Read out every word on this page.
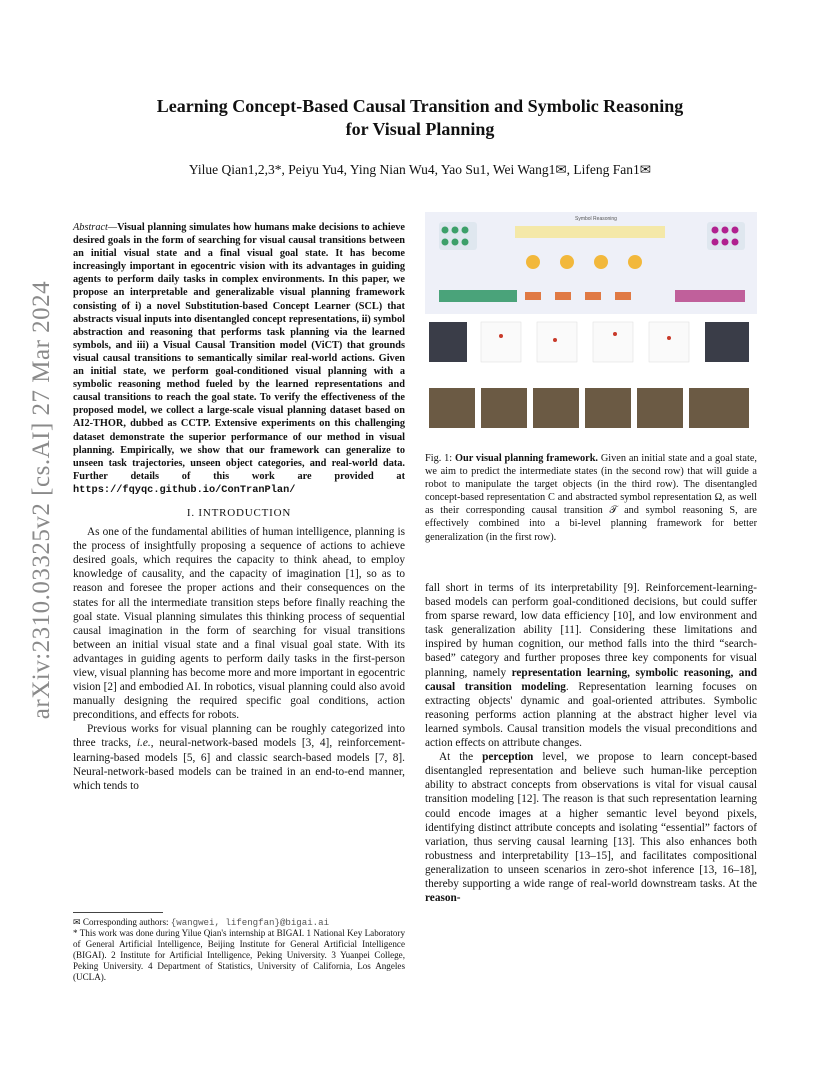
arXiv:2310.03325v2 [cs.AI] 27 Mar 2024
Learning Concept-Based Causal Transition and Symbolic Reasoning
for Visual Planning
Yilue Qian1,2,3*, Peiyu Yu4, Ying Nian Wu4, Yao Su1, Wei Wang1✉, Lifeng Fan1✉
Abstract—Visual planning simulates how humans make decisions to achieve desired goals in the form of searching for visual causal transitions between an initial visual state and a final visual goal state. It has become increasingly important in egocentric vision with its advantages in guiding agents to perform daily tasks in complex environments. In this paper, we propose an interpretable and generalizable visual planning framework consisting of i) a novel Substitution-based Concept Learner (SCL) that abstracts visual inputs into disentangled concept representations, ii) symbol abstraction and reasoning that performs task planning via the learned symbols, and iii) a Visual Causal Transition model (ViCT) that grounds visual causal transitions to semantically similar real-world actions. Given an initial state, we perform goal-conditioned visual planning with a symbolic reasoning method fueled by the learned representations and causal transitions to reach the goal state. To verify the effectiveness of the proposed model, we collect a large-scale visual planning dataset based on AI2-THOR, dubbed as CCTP. Extensive experiments on this challenging dataset demonstrate the superior performance of our method in visual planning. Empirically, we show that our framework can generalize to unseen task trajectories, unseen object categories, and real-world data. Further details of this work are provided at https://fqyqc.github.io/ConTranPlan/
I. INTRODUCTION

As one of the fundamental abilities of human intelligence, planning is the process of insightfully proposing a sequence of actions to achieve desired goals, which requires the capacity to think ahead, to employ knowledge of causality, and the capacity of imagination [1], so as to reason and foresee the proper actions and their consequences on the states for all the intermediate transition steps before finally reaching the goal state. Visual planning simulates this thinking process of sequential causal imagination in the form of searching for visual transitions between an initial visual state and a final visual goal state. With its advantages in guiding agents to perform daily tasks in the first-person view, visual planning has become more and more important in egocentric vision [2] and embodied AI. In robotics, visual planning could also avoid manually designing the required specific goal conditions, action preconditions, and effects for robots.

Previous works for visual planning can be roughly categorized into three tracks, i.e., neural-network-based models [3, 4], reinforcement-learning-based models [5, 6] and classic search-based models [7, 8]. Neural-network-based models can be trained in an end-to-end manner, which tends to

✉ Corresponding authors: {wangwei, lifengfan}@bigai.ai
* This work was done during Yilue Qian's internship at BIGAI. 1 National Key Laboratory of General Artificial Intelligence, Beijing Institute for General Artificial Intelligence (BIGAI). 2 Institute for Artificial Intelligence, Peking University. 3 Yuanpei College, Peking University. 4 Department of Statistics, University of California, Los Angeles (UCLA).
Symbol Reasoning
Fig. 1: Our visual planning framework. Given an initial state and a goal state, we aim to predict the intermediate states (in the second row) that will guide a robot to manipulate the target objects (in the third row). The disentangled concept-based representation C and abstracted symbol representation Ω, as well as their corresponding causal transition 𝒯 and symbol reasoning S, are effectively combined into a bi-level planning framework for better generalization (in the first row).

fall short in terms of its interpretability [9]. Reinforcement-learning-based models can perform goal-conditioned decisions, but could suffer from sparse reward, low data efficiency [10], and low environment and task generalization ability [11]. Considering these limitations and inspired by human cognition, our method falls into the third “search-based” category and further proposes three key components for visual planning, namely representation learning, symbolic reasoning, and causal transition modeling. Representation learning focuses on extracting objects' dynamic and goal-oriented attributes. Symbolic reasoning performs action planning at the abstract higher level via learned symbols. Causal transition models the visual preconditions and action effects on attribute changes.

At the perception level, we propose to learn concept-based disentangled representation and believe such human-like perception ability to abstract concepts from observations is vital for visual causal transition modeling [12]. The reason is that such representation learning could encode images at a higher semantic level beyond pixels, identifying distinct attribute concepts and isolating “essential” factors of variation, thus serving causal learning [13]. This also enhances both robustness and interpretability [13–15], and facilitates compositional generalization to unseen scenarios in zero-shot inference [13, 16–18], thereby supporting a wide range of real-world downstream tasks. At the reason-
